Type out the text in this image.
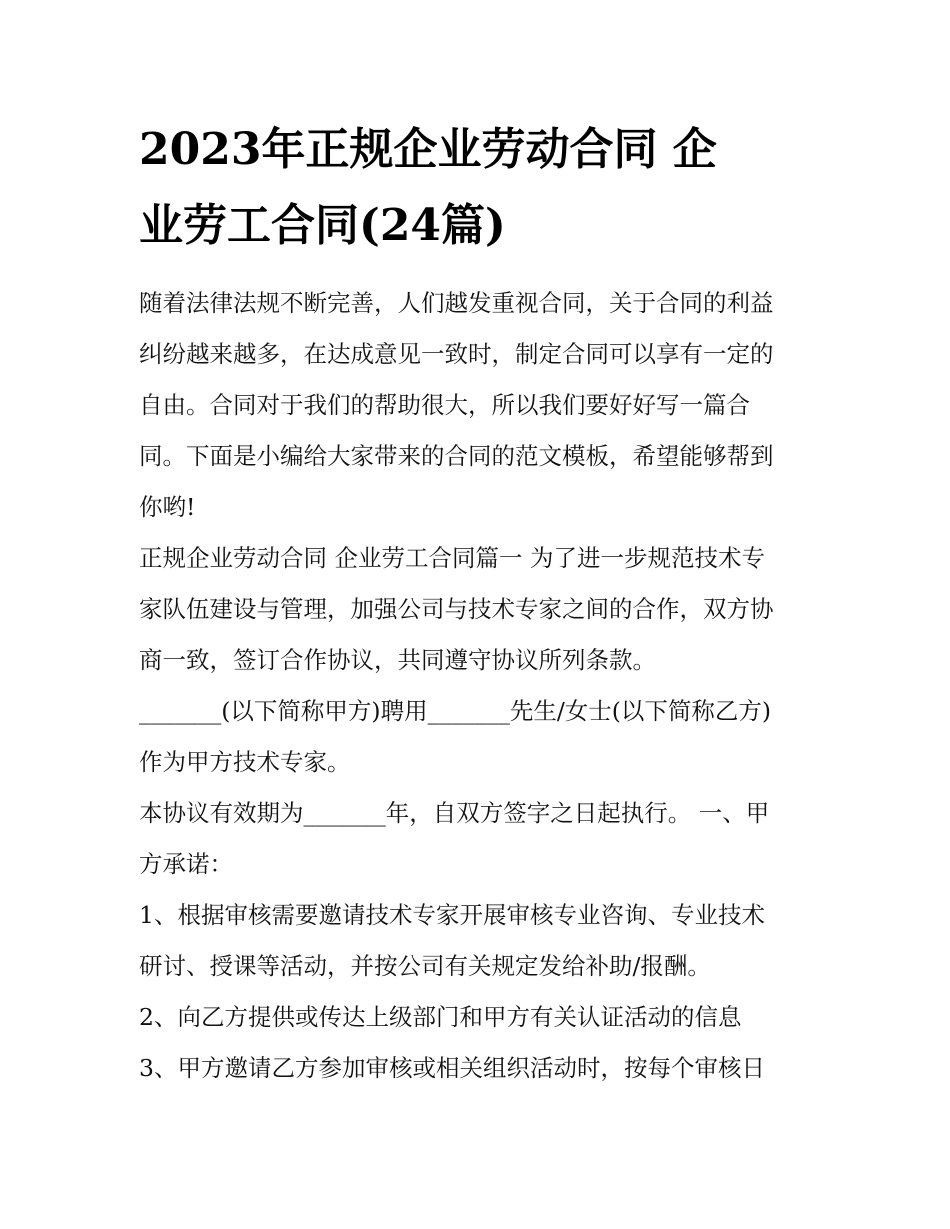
2023年正规企业劳动合同 企
业劳工合同(24篇)
随着法律法规不断完善，人们越发重视合同，关于合同的利益
纠纷越来越多，在达成意见一致时，制定合同可以享有一定的
自由。合同对于我们的帮助很大，所以我们要好好写一篇合
同。下面是小编给大家带来的合同的范文模板，希望能够帮到
你哟!
正规企业劳动合同 企业劳工合同篇一 为了进一步规范技术专
家队伍建设与管理，加强公司与技术专家之间的合作，双方协
商一致，签订合作协议，共同遵守协议所列条款。
_______(以下简称甲方)聘用_______先生/女士(以下简称乙方)
作为甲方技术专家。
本协议有效期为_______年，自双方签字之日起执行。 一、甲
方承诺：
1、根据审核需要邀请技术专家开展审核专业咨询、专业技术
研讨、授课等活动，并按公司有关规定发给补助/报酬。
2、向乙方提供或传达上级部门和甲方有关认证活动的信息
3、甲方邀请乙方参加审核或相关组织活动时，按每个审核日
